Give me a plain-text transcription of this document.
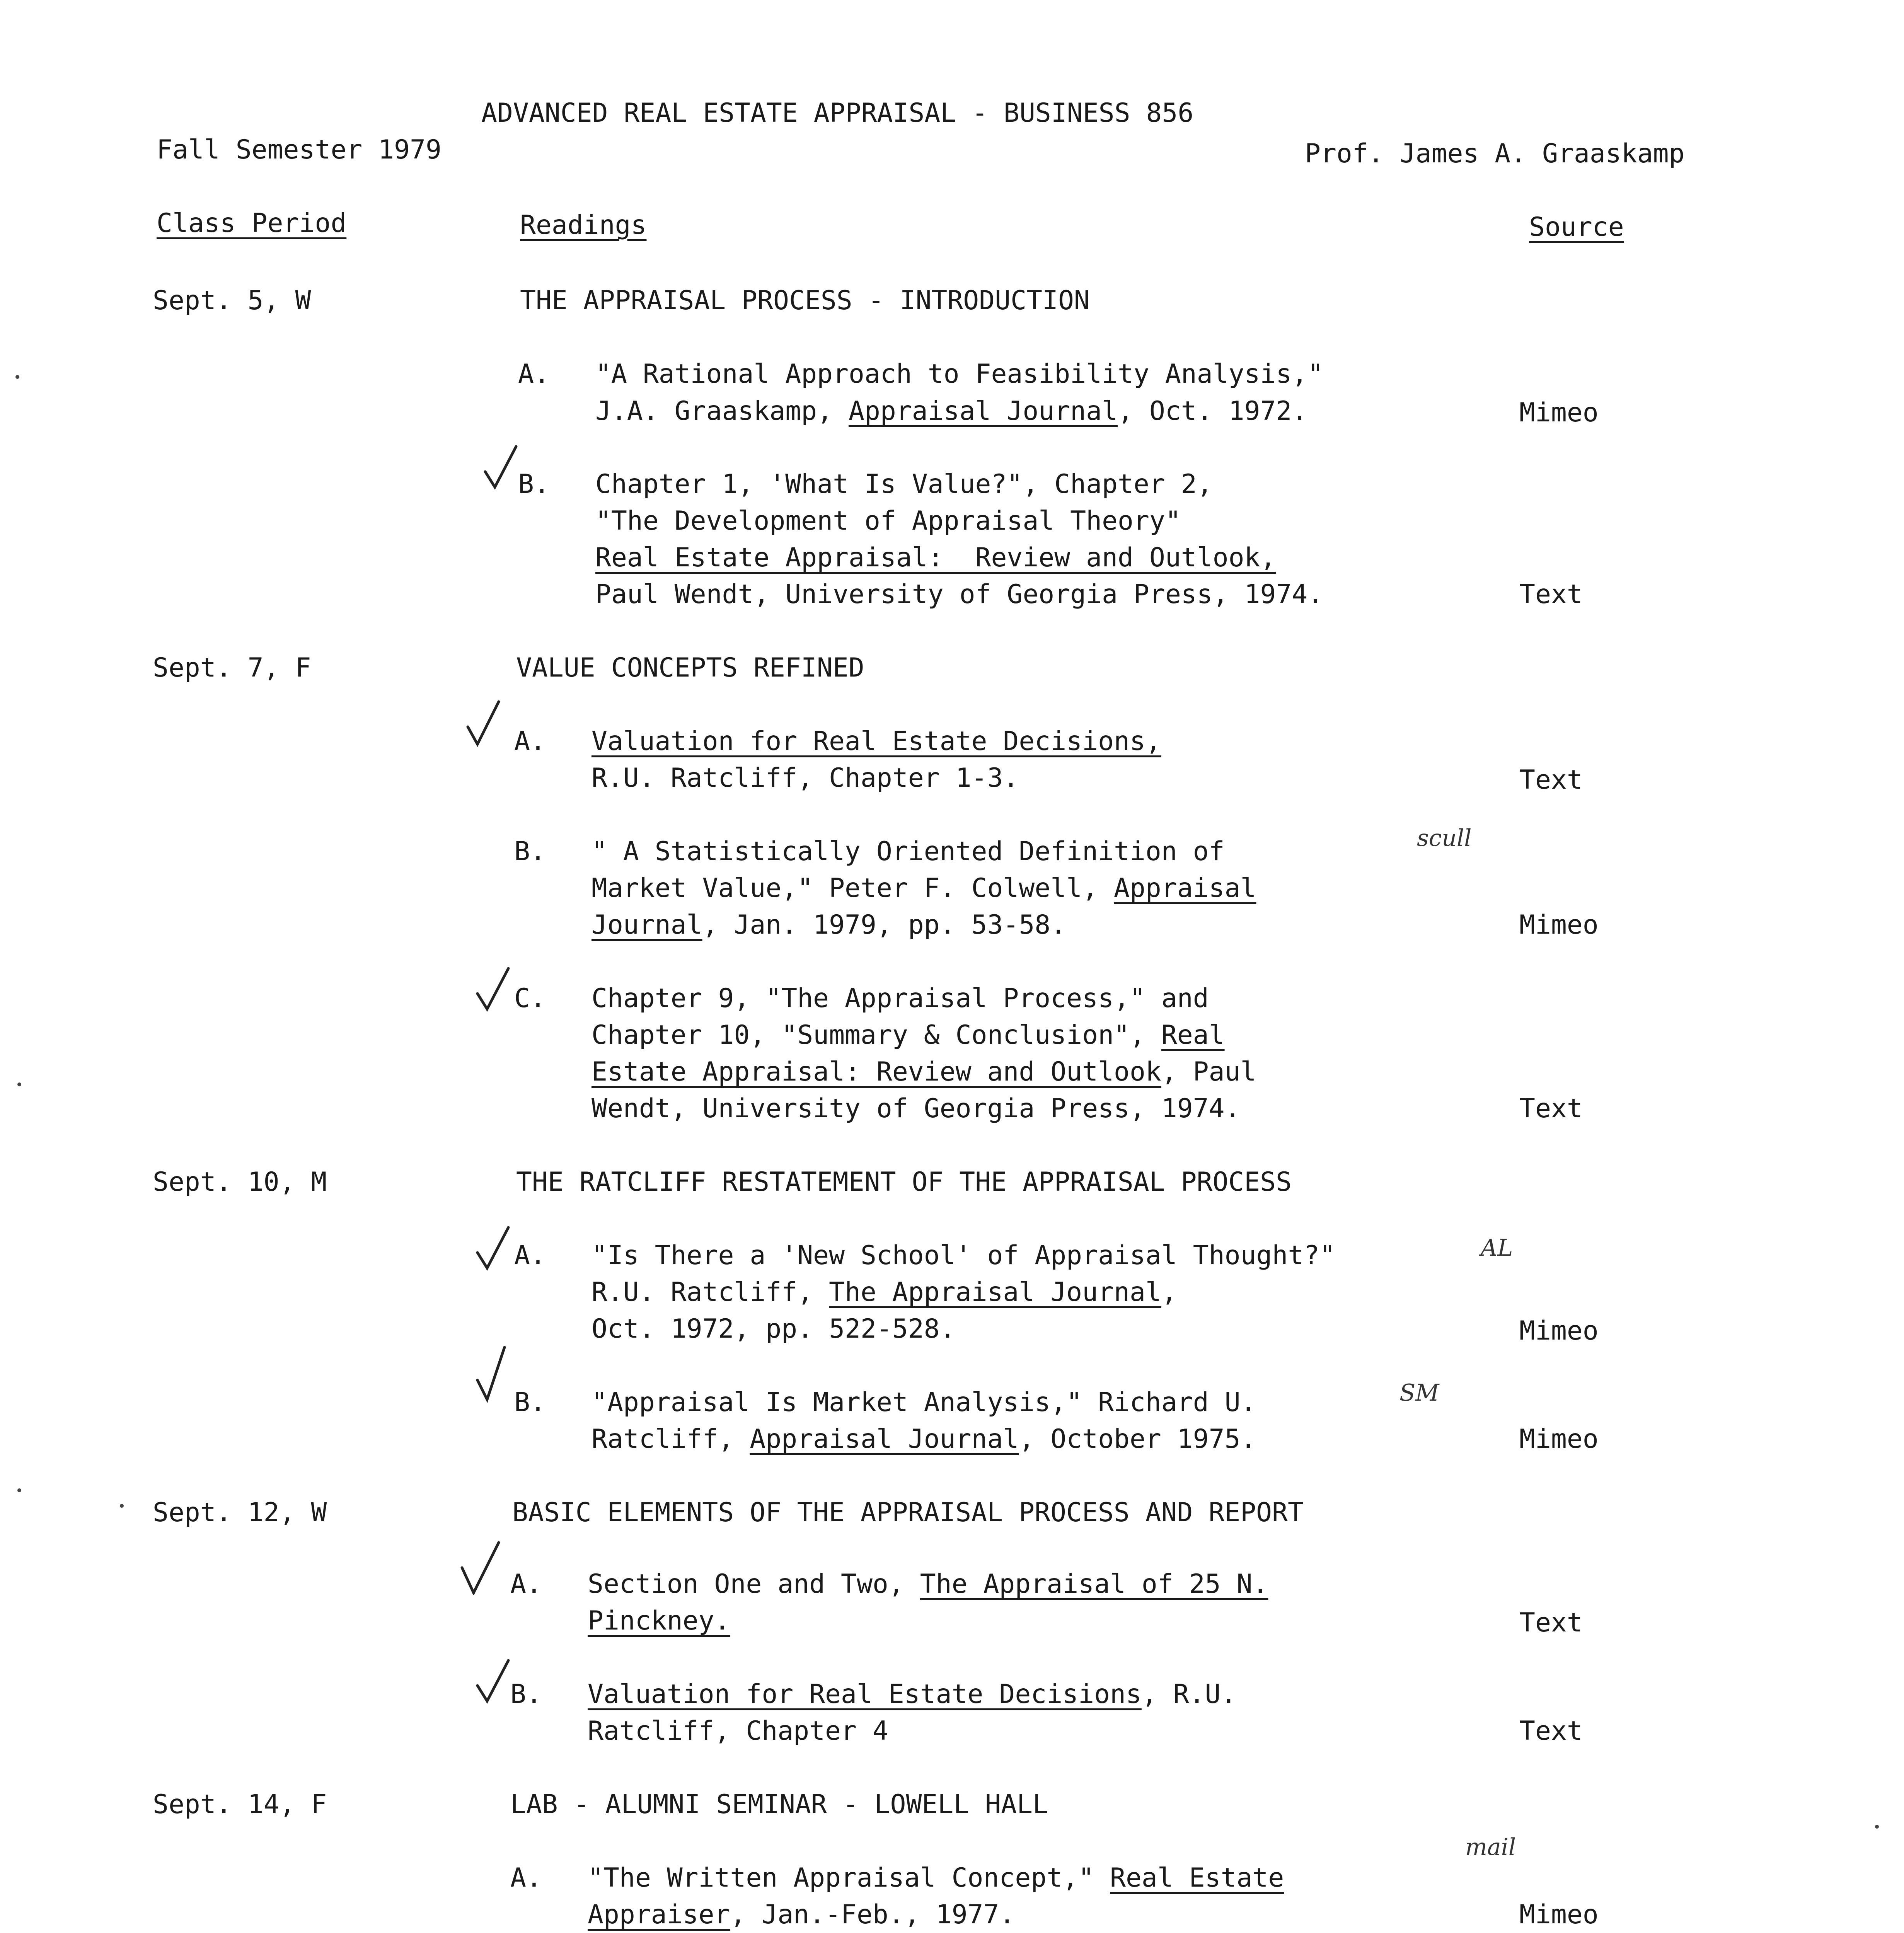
ADVANCED REAL ESTATE APPRAISAL - BUSINESS 856
Fall Semester 1979	Prof. James A. Graaskamp
Class Period	Readings	Source
Sept. 5, W	THE APPRAISAL PROCESS - INTRODUCTION
A. "A Rational Approach to Feasibility Analysis,"
J.A. Graaskamp, Appraisal Journal, Oct. 1972.	Mimeo
B. Chapter 1, 'What Is Value?", Chapter 2,
"The Development of Appraisal Theory"
Real Estate Appraisal:  Review and Outlook,
Paul Wendt, University of Georgia Press, 1974.	Text
Sept. 7, F	VALUE CONCEPTS REFINED
A. Valuation for Real Estate Decisions,
R.U. Ratcliff, Chapter 1-3.	Text
B. " A Statistically Oriented Definition of
Market Value," Peter F. Colwell, Appraisal
Journal, Jan. 1979, pp. 53-58.	Mimeo
C. Chapter 9, "The Appraisal Process," and
Chapter 10, "Summary & Conclusion", Real
Estate Appraisal: Review and Outlook, Paul
Wendt, University of Georgia Press, 1974.	Text
Sept. 10, M	THE RATCLIFF RESTATEMENT OF THE APPRAISAL PROCESS
A. "Is There a 'New School' of Appraisal Thought?"
R.U. Ratcliff, The Appraisal Journal,
Oct. 1972, pp. 522-528.	Mimeo
B. "Appraisal Is Market Analysis," Richard U.
Ratcliff, Appraisal Journal, October 1975.	Mimeo
Sept. 12, W	BASIC ELEMENTS OF THE APPRAISAL PROCESS AND REPORT
A. Section One and Two, The Appraisal of 25 N.
Pinckney.	Text
B. Valuation for Real Estate Decisions, R.U.
Ratcliff, Chapter 4	Text
Sept. 14, F	LAB - ALUMNI SEMINAR - LOWELL HALL
A. "The Written Appraisal Concept," Real Estate
Appraiser, Jan.-Feb., 1977.	Mimeo
scull
AL
SM
mail
